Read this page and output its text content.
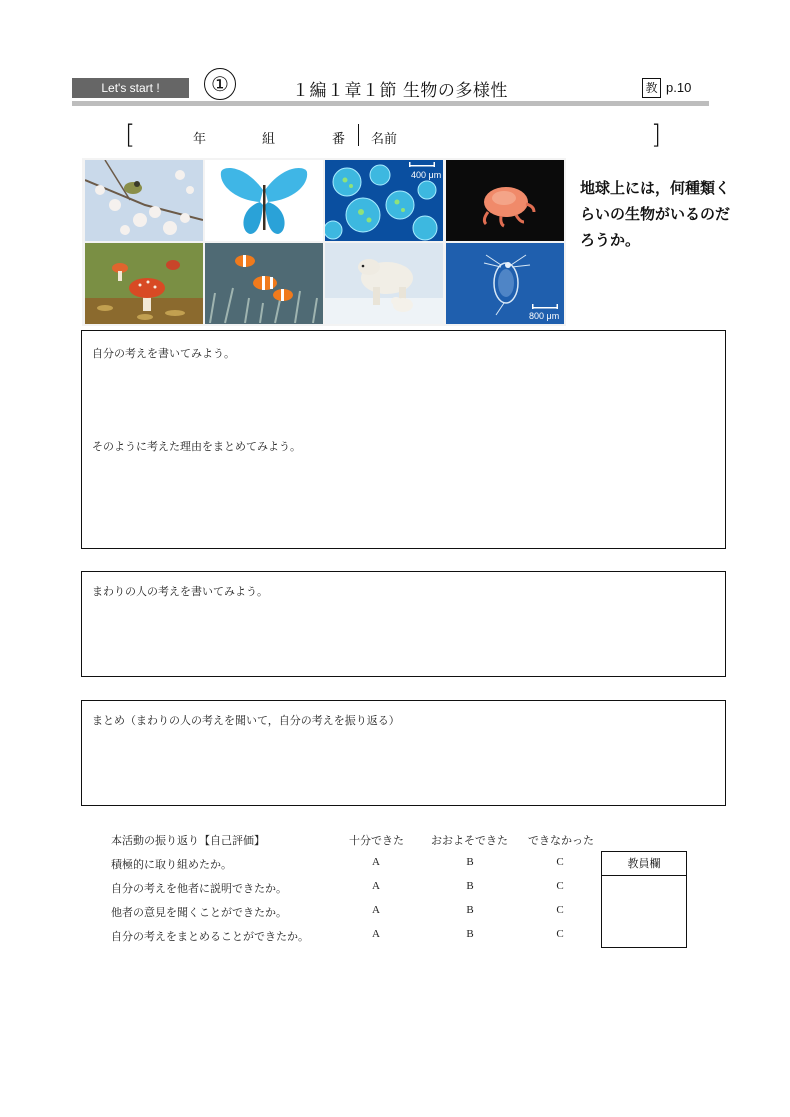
Let's start !	①	１編１章１節 生物の多様性	教 p.10
[	年	組	番 名前	]
400 μm
800 μm
地球上には，何種類くらいの生物がいるのだろうか。
自分の考えを書いてみよう。
そのように考えた理由をまとめてみよう。
まわりの人の考えを書いてみよう。
まとめ（まわりの人の考えを聞いて，自分の考えを振り返る）
本活動の振り返り【自己評価】	十分できた おおよそできた できなかった
積極的に取り組めたか。	A	B	C
自分の考えを他者に説明できたか。	A	B	C
他者の意見を聞くことができたか。	A	B	C
自分の考えをまとめることができたか。	A	B	C
教員欄
